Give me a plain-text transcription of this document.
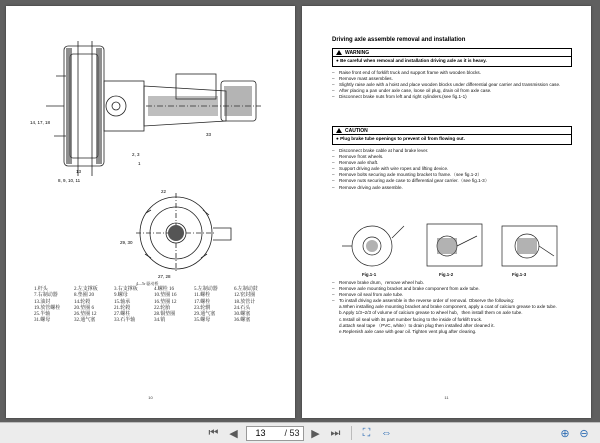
14, 17, 18
13
8, 9, 10, 11
33
2, 3
1
29, 30
27, 28
22
4—5r 驱动桥
1.杆头	2.左支撑板	3.右支撑板	4.螺栓 16	5.左制动器	6.左制动鼓
7.右制动器	8.垫圈 20	9.螺母	10.垫圈 16	11.螺栓	12.密封圈
13.油封	14.轮毂	15.轴承	16.垫圈 12	17.螺栓	18.放管计
19.放管螺栓	20.垫圈 6	21.轮毂	22.轮胎	23.轮辋	24.石头
25.半轴	26.垫圈 12	27.螺柱	28.铜垫圈	29.通气塞	30.螺塞
31.螺母	32.通气塞	33.石半轴	34.销	35.螺母	36.螺塞
10
Driving axle assemble removal and installation
WARNING
● Be careful when removal and installation driving axle as it is heavy.
– Raise front end of forklift truck and support frame with wooden blocks.
– Remove mast assemblies.
– Slightly raise axle with a hoist and place wooden blocks under differential gear carrier and transmission case.
– After placing a pan under axle case, loose oil plug, drain oil from axle case.
– Disconnect brake nuts from left and right cylinders.(see fig.1-1)
CAUTION
● Plug brake tube openings to prevent oil from flowing out.
– Disconnect brake cable at hand brake lever.
– Remove front wheels.
– Remove axle shaft.
– Support driving axle with wire ropes and lifting device.
– Remove bolts securing axle mounting bracket to frame.（see fig.1-2）
– Remove nuts securing axle case to differential gear carrier.（see fig.1-3）
– Remove driving axle assemble.
Fig.1-1	Fig.1-2	Fig.1-3
– Remove brake drum，remove wheel hub.
– Remove axle mounting bracket and brake component from axle tube.
– Remove oil seal from axle tube.
– To install driving axle assemble in the reverse order of removal. Observe the following:
a.When installing axle mounting bracket and brake component, apply a coat of calcium grease to axle tube.
b.Apply 1/3~2/3 of volume of calcium grease to wheel hub，then install them on axle tube.
c.Install oil seal with its part number facing to the inside of forklift truck.
d.attach seal tape （PVC, white）to drain plug then installed after cleaned it.
e.Replenish axle case with gear oil. Tighten vent plug after clearing.
11
⏮ ◀
13	/ 53	▶ ⏭	⛶ ⇔	⊕ ⊖
